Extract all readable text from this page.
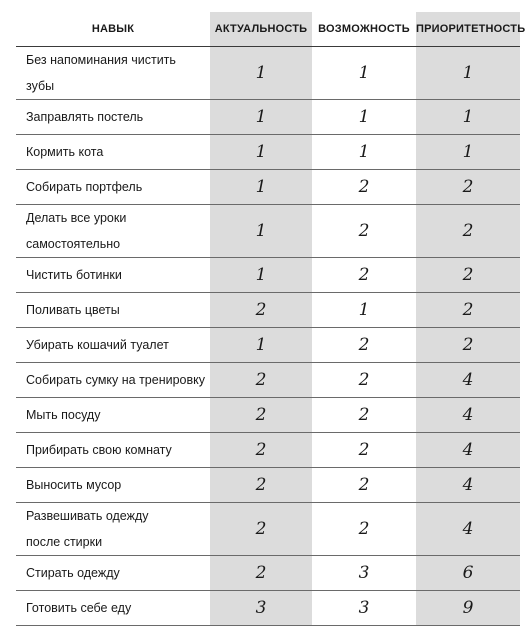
НАВЫК	АКТУАЛЬНОСТЬ	ВОЗМОЖНОСТЬ	ПРИОРИТЕТНОСТЬ

Без напоминания чистить зубы	1	1	1

Заправлять постель	1	1	1

Кормить кота	1	1	1

Собирать портфель	1	2	2

Делать все уроки самостоятельно	1	2	2

Чистить ботинки	1	2	2

Поливать цветы	2	1	2

Убирать кошачий туалет	1	2	2

Собирать сумку на тренировку	2	2	4

Мыть посуду	2	2	4

Прибирать свою комнату	2	2	4

Выносить мусор	2	2	4

Развешивать одежду
после стирки	2	2	4

Стирать одежду	2	3	6

Готовить себе еду	3	3	9
